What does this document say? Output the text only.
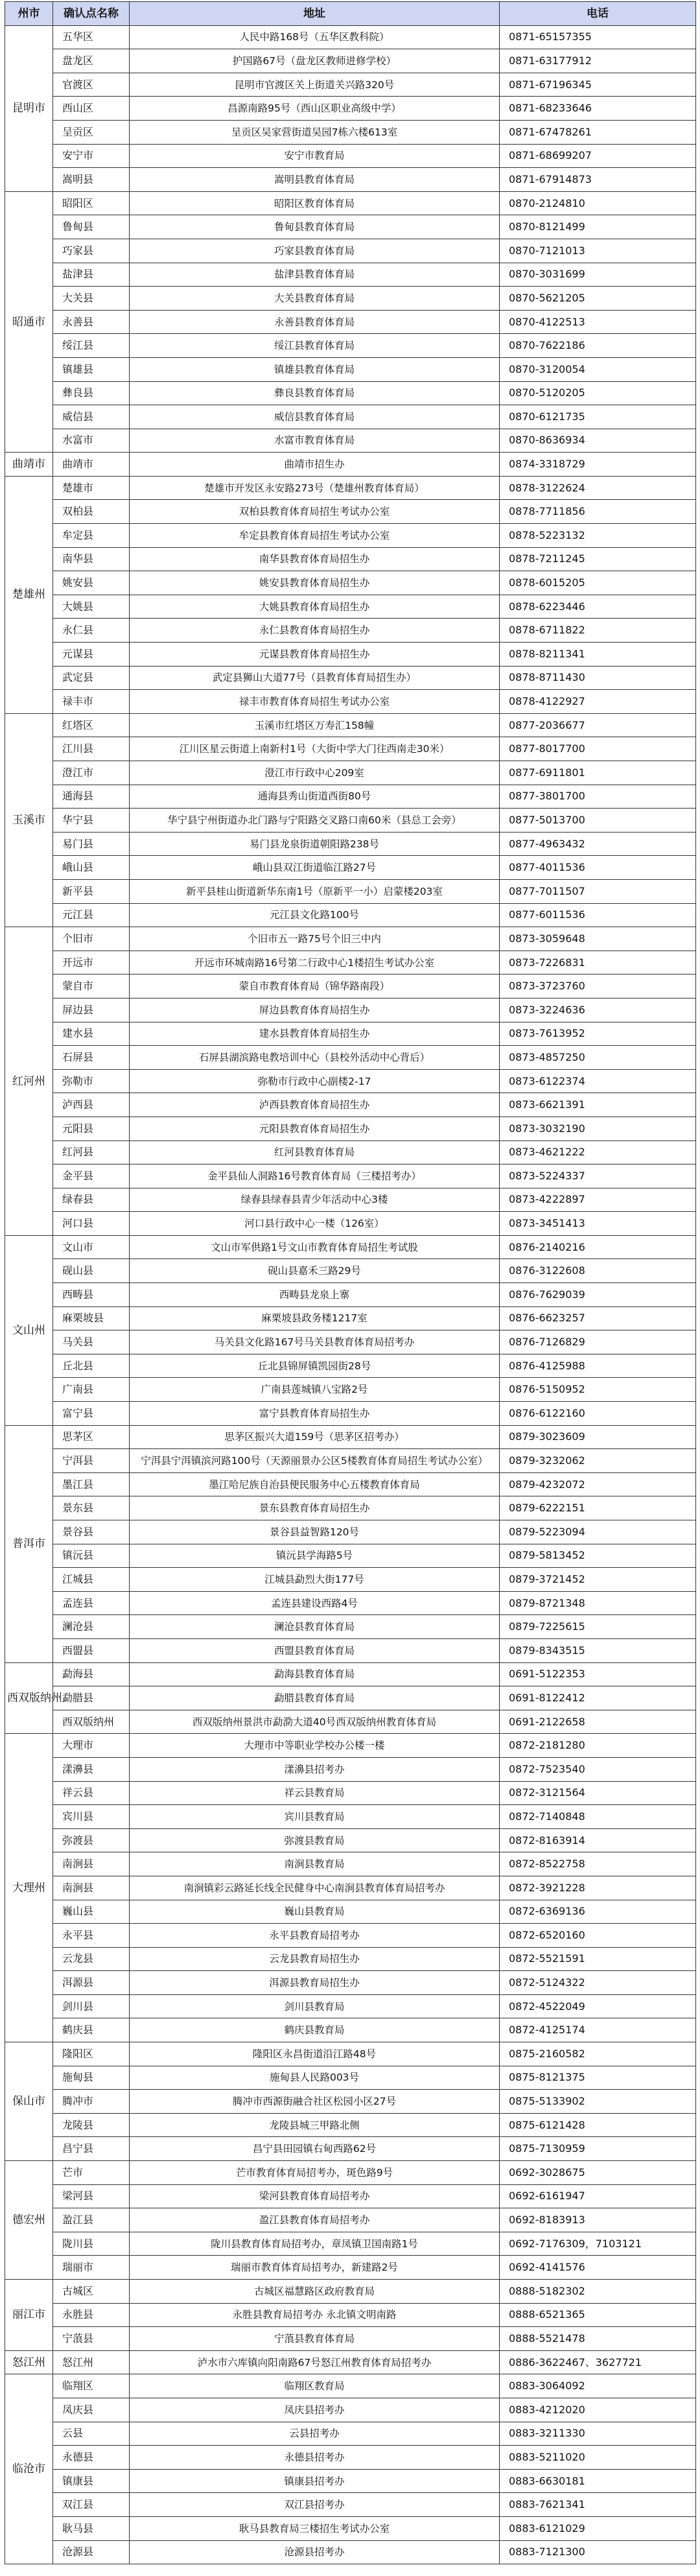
州市	确认点名称	地址	电话
昆明市	五华区	人民中路168号（五华区教科院）	0871-65157355
	盘龙区	护国路67号（盘龙区教师进修学校）	0871-63177912
	官渡区	昆明市官渡区关上街道关兴路320号	0871-67196345
	西山区	昌源南路95号（西山区职业高级中学）	0871-68233646
	呈贡区	呈贡区吴家营街道吴园7栋六楼613室	0871-67478261
	安宁市	安宁市教育局	0871-68699207
	嵩明县	嵩明县教育体育局	0871-67914873
昭通市	昭阳区	昭阳区教育体育局	0870-2124810
	鲁甸县	鲁甸县教育体育局	0870-8121499
	巧家县	巧家县教育体育局	0870-7121013
	盐津县	盐津县教育体育局	0870-3031699
	大关县	大关县教育体育局	0870-5621205
	永善县	永善县教育体育局	0870-4122513
	绥江县	绥江县教育体育局	0870-7622186
	镇雄县	镇雄县教育体育局	0870-3120054
	彝良县	彝良县教育体育局	0870-5120205
	威信县	威信县教育体育局	0870-6121735
	水富市	水富市教育体育局	0870-8636934
曲靖市	曲靖市	曲靖市招生办	0874-3318729
楚雄州	楚雄市	楚雄市开发区永安路273号（楚雄州教育体育局）	0878-3122624
	双柏县	双柏县教育体育局招生考试办公室	0878-7711856
	牟定县	牟定县教育体育局招生考试办公室	0878-5223132
	南华县	南华县教育体育局招生办	0878-7211245
	姚安县	姚安县教育体育局招生办	0878-6015205
	大姚县	大姚县教育体育局招生办	0878-6223446
	永仁县	永仁县教育体育局招生办	0878-6711822
	元谋县	元谋县教育体育局招生办	0878-8211341
	武定县	武定县狮山大道77号（县教育体育局招生办）	0878-8711430
	禄丰市	禄丰市教育体育局招生考试办公室	0878-4122927
玉溪市	红塔区	玉溪市红塔区万寿汇158幢	0877-2036677
	江川县	江川区星云街道上南新村1号（大街中学大门往西南走30米）	0877-8017700
	澄江市	澄江市行政中心209室	0877-6911801
	通海县	通海县秀山街道西街80号	0877-3801700
	华宁县	华宁县宁州街道办北门路与宁阳路交叉路口南60米（县总工会旁）	0877-5013700
	易门县	易门县龙泉街道朝阳路238号	0877-4963432
	峨山县	峨山县双江街道临江路27号	0877-4011536
	新平县	新平县桂山街道新华东南1号（原新平一小）启蒙楼203室	0877-7011507
	元江县	元江县文化路100号	0877-6011536
红河州	个旧市	个旧市五一路75号个旧三中内	0873-3059648
	开远市	开远市环城南路16号第二行政中心1楼招生考试办公室	0873-7226831
	蒙自市	蒙自市教育体育局（锦华路南段）	0873-3723760
	屏边县	屏边县教育体育局招生办	0873-3224636
	建水县	建水县教育体育局招生办	0873-7613952
	石屏县	石屏县湖滨路电教培训中心（县校外活动中心背后）	0873-4857250
	弥勒市	弥勒市行政中心副楼2-17	0873-6122374
	泸西县	泸西县教育体育局招生办	0873-6621391
	元阳县	元阳县教育体育局招生办	0873-3032190
	红河县	红河县教育体育局	0873-4621222
	金平县	金平县仙人洞路16号教育体育局（三楼招考办）	0873-5224337
	绿春县	绿春县绿春县青少年活动中心3楼	0873-4222897
	河口县	河口县行政中心一楼（126室）	0873-3451413
文山州	文山市	文山市军供路1号文山市教育体育局招生考试股	0876-2140216
	砚山县	砚山县嘉禾三路29号	0876-3122608
	西畴县	西畴县龙泉上寨	0876-7629039
	麻栗坡县	麻栗坡县政务楼1217室	0876-6623257
	马关县	马关县文化路167号马关县教育体育局招考办	0876-7126829
	丘北县	丘北县锦屏镇凯园街28号	0876-4125988
	广南县	广南县莲城镇八宝路2号	0876-5150952
	富宁县	富宁县教育体育局招生办	0876-6122160
普洱市	思茅区	思茅区振兴大道159号（思茅区招考办）	0879-3023609
	宁洱县	宁洱县宁洱镇滨河路100号（天源丽景办公区5楼教育体育局招生考试办公室）	0879-3232062
	墨江县	墨江哈尼族自治县便民服务中心五楼教育体育局	0879-4232072
	景东县	景东县教育体育局招生办	0879-6222151
	景谷县	景谷县益智路120号	0879-5223094
	镇沅县	镇沅县学海路5号	0879-5813452
	江城县	江城县勐烈大街177号	0879-3721452
	孟连县	孟连县建设西路4号	0879-8721348
	澜沧县	澜沧县教育体育局	0879-7225615
	西盟县	西盟县教育体育局	0879-8343515
西双版纳州	勐海县	勐海县教育体育局	0691-5122353
	勐腊县	勐腊县教育体育局	0691-8122412
	西双版纳州	西双版纳州景洪市勐泐大道40号西双版纳州教育体育局	0691-2122658
大理州	大理市	大理市中等职业学校办公楼一楼	0872-2181280
	漾濞县	漾濞县招考办	0872-7523540
	祥云县	祥云县教育局	0872-3121564
	宾川县	宾川县教育局	0872-7140848
	弥渡县	弥渡县教育局	0872-8163914
	南涧县	南涧县教育局	0872-8522758
	南涧县	南涧镇彩云路延长线全民健身中心南涧县教育体育局招考办	0872-3921228
	巍山县	巍山县教育局	0872-6369136
	永平县	永平县教育局招考办	0872-6520160
	云龙县	云龙县教育局招生办	0872-5521591
	洱源县	洱源县教育局招生办	0872-5124322
	剑川县	剑川县教育局	0872-4522049
	鹤庆县	鹤庆县教育局	0872-4125174
保山市	隆阳区	隆阳区永昌街道沿江路48号	0875-2160582
	施甸县	施甸县人民路003号	0875-8121375
	腾冲市	腾冲市西源街融合社区松园小区27号	0875-5133902
	龙陵县	龙陵县城三甲路北侧	0875-6121428
	昌宁县	昌宁县田园镇右甸西路62号	0875-7130959
德宏州	芒市	芒市教育体育局招考办，斑色路9号	0692-3028675
	梁河县	梁河县教育体育局招考办	0692-6161947
	盈江县	盈江县教育体育局招考办	0692-8183913
	陇川县	陇川县教育体育局招考办，章凤镇卫国南路1号	0692-7176309，7103121
	瑞丽市	瑞丽市教育体育局招考办，新建路2号	0692-4141576
丽江市	古城区	古城区福慧路区政府教育局	0888-5182302
	永胜县	永胜县教育局招考办 永北镇文明南路	0888-6521365
	宁蒗县	宁蒗县教育体育局	0888-5521478
怒江州	怒江州	泸水市六库镇向阳南路67号怒江州教育体育局招考办	0886-3622467、3627721
临沧市	临翔区	临翔区教育局	0883-3064092
	凤庆县	凤庆县招考办	0883-4212020
	云县	云县招考办	0883-3211330
	永德县	永德县招考办	0883-5211020
	镇康县	镇康县招考办	0883-6630181
	双江县	双江县招考办	0883-7621341
	耿马县	耿马县教育局三楼招生考试办公室	0883-6121029
	沧源县	沧源县招考办	0883-7121300
